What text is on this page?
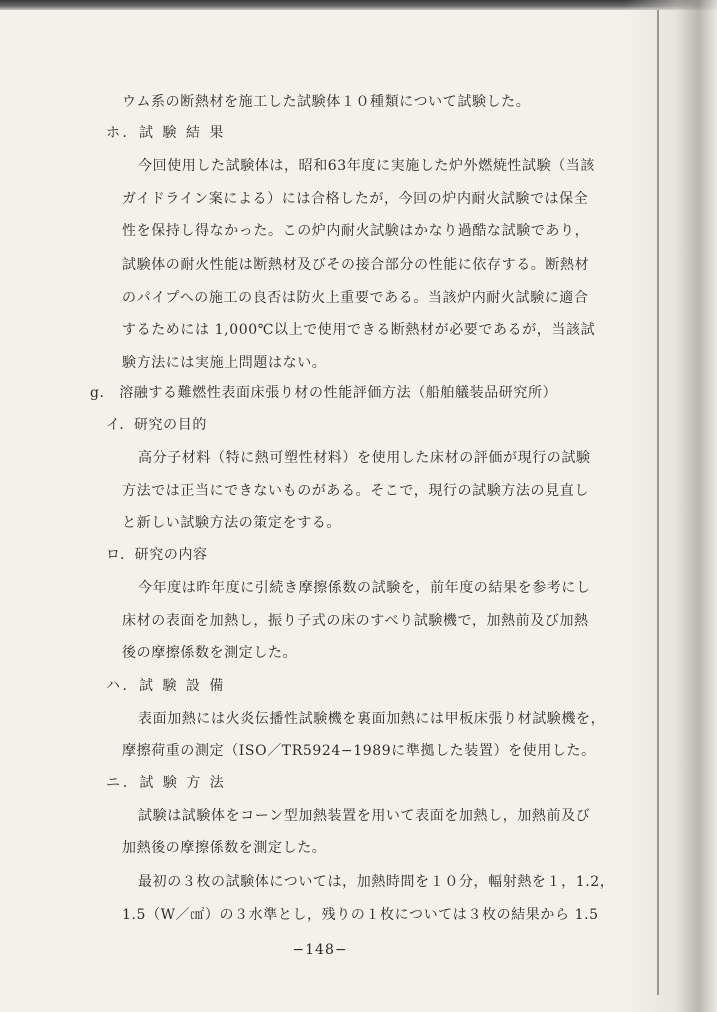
ウム系の断熱材を施工した試験体１０種類について試験した。
ホ．試 験 結 果
今回使用した試験体は，昭和63年度に実施した炉外燃焼性試験（当該
ガイドライン案による）には合格したが，今回の炉内耐火試験では保全
性を保持し得なかった。この炉内耐火試験はかなり過酷な試験であり，
試験体の耐火性能は断熱材及びその接合部分の性能に依存する。断熱材
のパイプへの施工の良否は防火上重要である。当該炉内耐火試験に適合
するためには 1,000℃以上で使用できる断熱材が必要であるが，当該試
験方法には実施上問題はない。
g.　溶融する難燃性表面床張り材の性能評価方法（船舶艤装品研究所）
イ．研究の目的
高分子材料（特に熱可塑性材料）を使用した床材の評価が現行の試験
方法では正当にできないものがある。そこで，現行の試験方法の見直し
と新しい試験方法の策定をする。
ロ．研究の内容
今年度は昨年度に引続き摩擦係数の試験を，前年度の結果を参考にし
床材の表面を加熱し，振り子式の床のすべり試験機で，加熱前及び加熱
後の摩擦係数を測定した。
ハ．試 験 設 備
表面加熱には火炎伝播性試験機を裏面加熱には甲板床張り材試験機を，
摩擦荷重の測定（ISO／TR5924−1989に準拠した装置）を使用した。
ニ．試 験 方 法
試験は試験体をコーン型加熱装置を用いて表面を加熱し，加熱前及び
加熱後の摩擦係数を測定した。
最初の３枚の試験体については，加熱時間を１０分，輻射熱を１，1.2，
1.5（W／㎠）の３水準とし，残りの１枚については３枚の結果から 1.5
−148−
